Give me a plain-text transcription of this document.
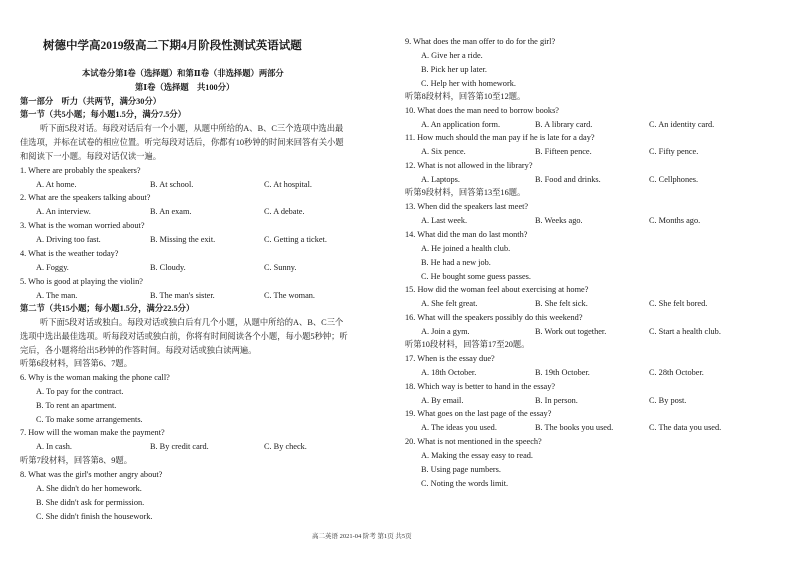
树德中学高2019级高二下期4月阶段性测试英语试题
本试卷分第Ⅰ卷（选择题）和第Ⅱ卷（非选择题）两部分
第Ⅰ卷（选择题　共100分）
第一部分　听力（共两节，满分30分）
第一节（共5小题；每小题1.5分，满分7.5分）
听下面5段对话。每段对话后有一个小题，从题中所给的A、B、C三个选项中选出最
佳选项，并标在试卷的相应位置。听完每段对话后，你都有10秒钟的时间来回答有关小题
和阅读下一小题。每段对话仅读一遍。
1. Where are probably the speakers?
A. At home.	B. At school.	C. At hospital.
2. What are the speakers talking about?
A. An interview.	B. An exam.	C. A debate.
3. What is the woman worried about?
A. Driving too fast.	B. Missing the exit.	C. Getting a ticket.
4. What is the weather today?
A. Foggy.	B. Cloudy.	C. Sunny.
5. Who is good at playing the violin?
A. The man.	B. The man's sister.	C. The woman.
第二节（共15小题；每小题1.5分，满分22.5分）
听下面5段对话或独白。每段对话或独白后有几个小题，从题中所给的A、B、C三个
选项中选出最佳选项。听每段对话或独白前，你将有时间阅读各个小题，每小题5秒钟；听
完后，各小题将给出5秒钟的作答时间。每段对话或独白读两遍。
听第6段材料，回答第6、7题。
6. Why is the woman making the phone call?
A. To pay for the contract.
B. To rent an apartment.
C. To make some arrangements.
7. How will the woman make the payment?
A. In cash.	B. By credit card.	C. By check.
听第7段材料，回答第8、9题。
8. What was the girl's mother angry about?
A. She didn't do her homework.
B. She didn't ask for permission.
C. She didn't finish the housework.
9. What does the man offer to do for the girl?
A. Give her a ride.
B. Pick her up later.
C. Help her with homework.
听第8段材料，回答第10至12题。
10. What does the man need to borrow books?
A. An application form.	B. A library card.	C. An identity card.
11. How much should the man pay if he is late for a day?
A. Six pence.	B. Fifteen pence.	C. Fifty pence.
12. What is not allowed in the library?
A. Laptops.	B. Food and drinks.	C. Cellphones.
听第9段材料，回答第13至16题。
13. When did the speakers last meet?
A. Last week.	B. Weeks ago.	C. Months ago.
14. What did the man do last month?
A. He joined a health club.
B. He had a new job.
C. He bought some guess passes.
15. How did the woman feel about exercising at home?
A. She felt great.	B. She felt sick.	C. She felt bored.
16. What will the speakers possibly do this weekend?
A. Join a gym.	B. Work out together.	C. Start a health club.
听第10段材料，回答第17至20题。
17. When is the essay due?
A. 18th October.	B. 19th October.	C. 28th October.
18. Which way is better to hand in the essay?
A. By email.	B. In person.	C. By post.
19. What goes on the last page of the essay?
A. The ideas you used.	B. The books you used.	C. The data you used.
20. What is not mentioned in the speech?
A. Making the essay easy to read.
B. Using page numbers.
C. Noting the words limit.
高二英语 2021-04 阶考 第1页 共5页
